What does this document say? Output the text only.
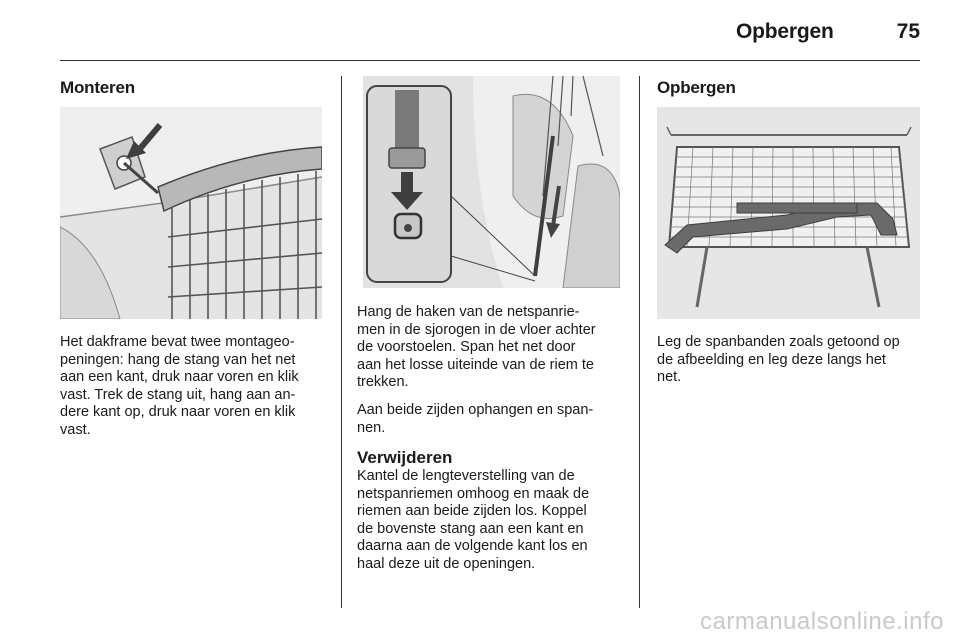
Opbergen	75
Monteren

Het dakframe bevat twee montageo-
peningen: hang de stang van het net
aan een kant, druk naar voren en klik
vast. Trek de stang uit, hang aan an-
dere kant op, druk naar voren en klik
vast.

Hang de haken van de netspanrie-
men in de sjorogen in de vloer achter
de voorstoelen. Span het net door
aan het losse uiteinde van de riem te
trekken.

Aan beide zijden ophangen en span-
nen.

Verwijderen

Kantel de lengteverstelling van de
netspanriemen omhoog en maak de
riemen aan beide zijden los. Koppel
de bovenste stang aan een kant en
daarna aan de volgende kant los en
haal deze uit de openingen.

Opbergen

Leg de spanbanden zoals getoond op
de afbeelding en leg deze langs het
net.

carmanualsonline.info
